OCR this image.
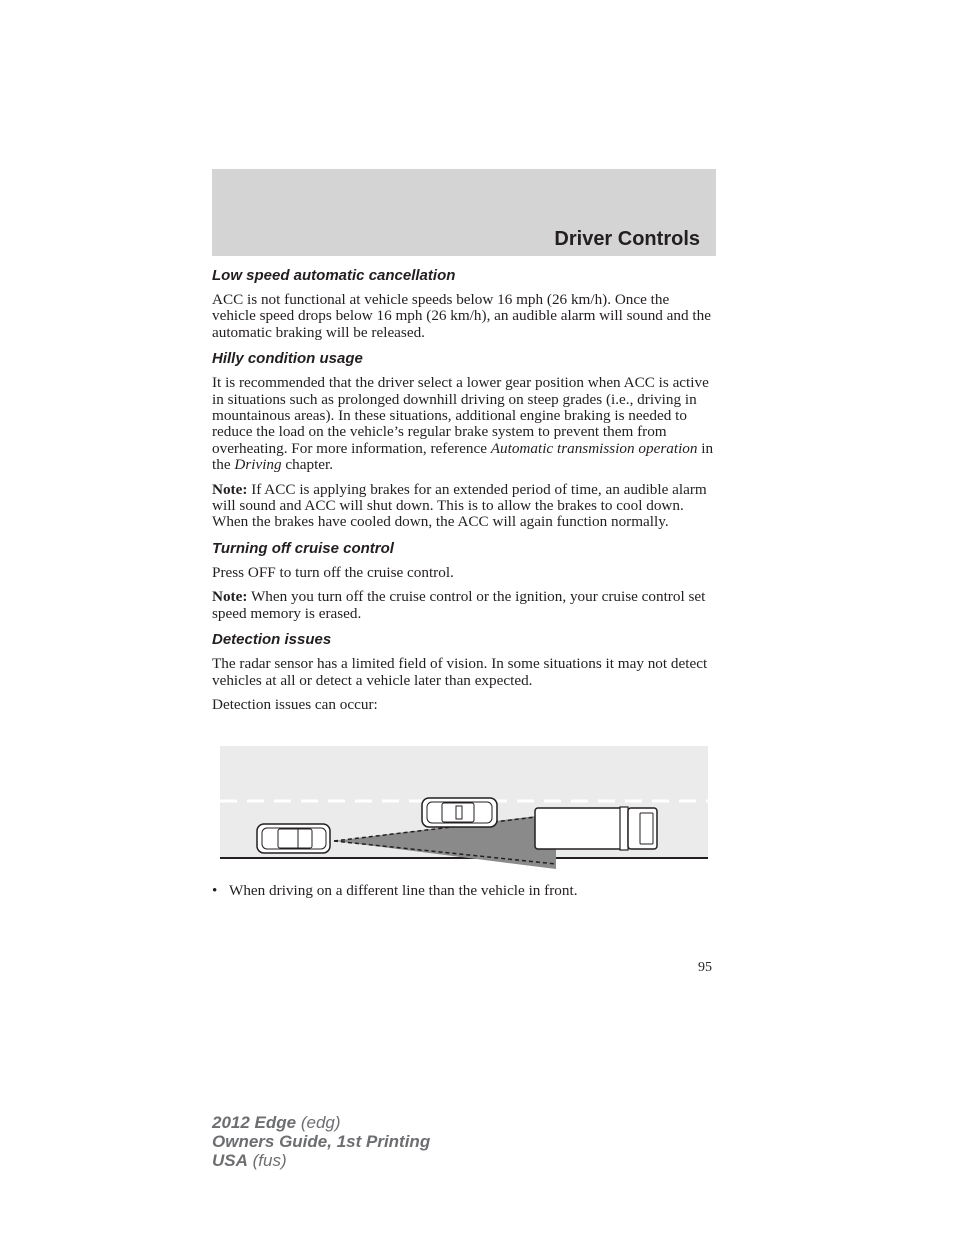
Driver Controls
Low speed automatic cancellation

ACC is not functional at vehicle speeds below 16 mph (26 km/h). Once the vehicle speed drops below 16 mph (26 km/h), an audible alarm will sound and the automatic braking will be released.

Hilly condition usage

It is recommended that the driver select a lower gear position when ACC is active in situations such as prolonged downhill driving on steep grades (i.e., driving in mountainous areas). In these situations, additional engine braking is needed to reduce the load on the vehicle’s regular brake system to prevent them from overheating. For more information, reference Automatic transmission operation in the Driving chapter.

Note: If ACC is applying brakes for an extended period of time, an audible alarm will sound and ACC will shut down. This is to allow the brakes to cool down. When the brakes have cooled down, the ACC will again function normally.

Turning off cruise control

Press OFF to turn off the cruise control.

Note: When you turn off the cruise control or the ignition, your cruise control set speed memory is erased.

Detection issues

The radar sensor has a limited field of vision. In some situations it may not detect vehicles at all or detect a vehicle later than expected.

Detection issues can occur:

• When driving on a different line than the vehicle in front.
95
2012 Edge (edg)
Owners Guide, 1st Printing
USA (fus)
